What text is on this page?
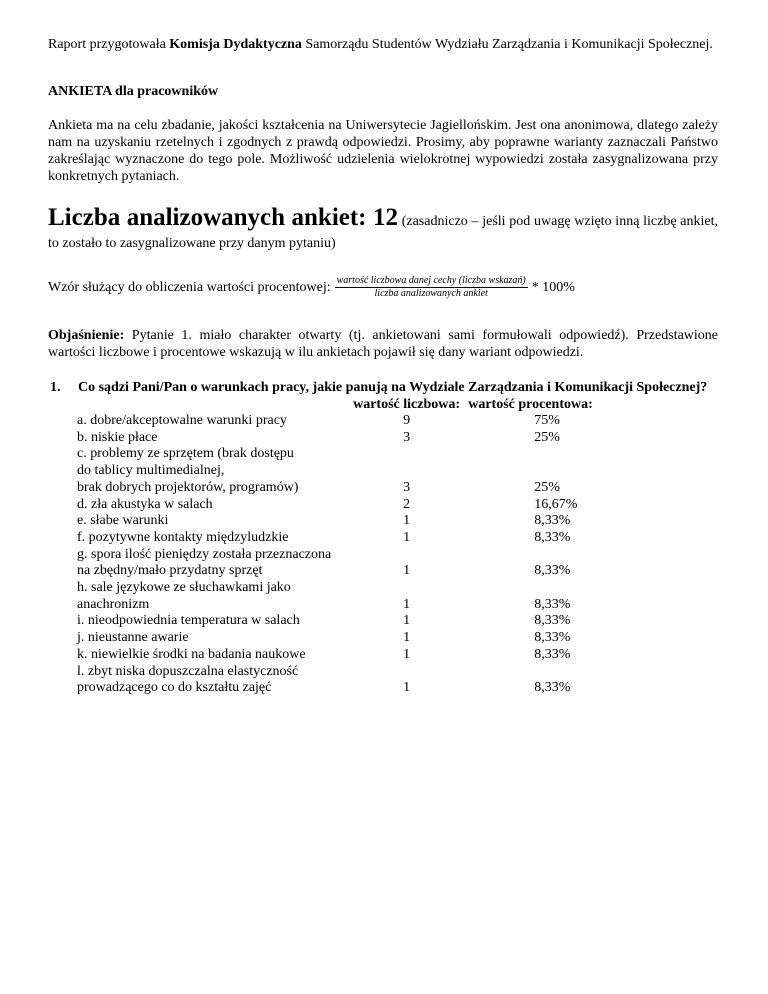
Raport przygotowała Komisja Dydaktyczna Samorządu Studentów Wydziału Zarządzania i Komunikacji Społecznej.

ANKIETA dla pracowników

Ankieta ma na celu zbadanie, jakości kształcenia na Uniwersytecie Jagiellońskim. Jest ona anonimowa, dlatego zależy nam na uzyskaniu rzetelnych i zgodnych z prawdą odpowiedzi. Prosimy, aby poprawne warianty zaznaczali Państwo zakreślając wyznaczone do tego pole. Możliwość udzielenia wielokrotnej wypowiedzi została zasygnalizowana przy konkretnych pytaniach.

Liczba analizowanych ankiet: 12 (zasadniczo – jeśli pod uwagę wzięto inną liczbę ankiet, to zostało to zasygnalizowane przy danym pytaniu)

Wzór służący do obliczenia wartości procentowej: $\frac{\text{wartość liczbowa danej cechy (liczba wskazań)}}{\text{liczba analizowanych ankiet}} * 100\%$

Objaśnienie: Pytanie 1. miało charakter otwarty (tj. ankietowani sami formułowali odpowiedź). Przedstawione wartości liczbowe i procentowe wskazują w ilu ankietach pojawił się dany wariant odpowiedzi.

1.	Co sądzi Pani/Pan o warunkach pracy, jakie panują na Wydziale Zarządzania i Komunikacji Społecznej?
	wartość liczbowa:	wartość procentowa:
a. dobre/akceptowalne warunki pracy	9	75%
b. niskie płace	3	25%
c. problemy ze sprzętem (brak dostępu		
do tablicy multimedialnej,		
brak dobrych projektorów, programów)	3	25%
d. zła akustyka w salach	2	16,67%
e. słabe warunki	1	8,33%
f. pozytywne kontakty międzyludzkie	1	8,33%
g. spora ilość pieniędzy została przeznaczona		
na zbędny/mało przydatny sprzęt	1	8,33%
h. sale językowe ze słuchawkami jako anachronizm	1	8,33%
i. nieodpowiednia temperatura w salach	1	8,33%
j. nieustanne awarie	1	8,33%
k. niewielkie środki na badania naukowe	1	8,33%
l. zbyt niska dopuszczalna elastyczność		
prowadzącego co do kształtu zajęć	1	8,33%
